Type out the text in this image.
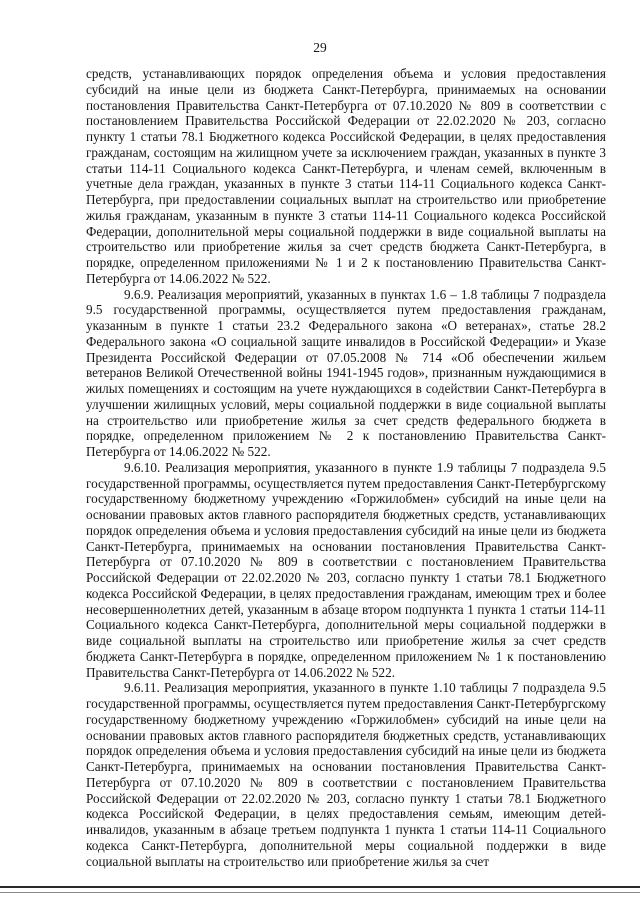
29

средств, устанавливающих порядок определения объема и условия предоставления субсидий на иные цели из бюджета Санкт-Петербурга, принимаемых на основании постановления Правительства Санкт-Петербурга от 07.10.2020 № 809 в соответствии с постановлением Правительства Российской Федерации от 22.02.2020 № 203, согласно пункту 1 статьи 78.1 Бюджетного кодекса Российской Федерации, в целях предоставления гражданам, состоящим на жилищном учете за исключением граждан, указанных в пункте 3 статьи 114-11 Социального кодекса Санкт-Петербурга, и членам семей, включенным в учетные дела граждан, указанных в пункте 3 статьи 114-11 Социального кодекса Санкт-Петербурга, при предоставлении социальных выплат на строительство или приобретение жилья гражданам, указанным в пункте 3 статьи 114-11 Социального кодекса Российской Федерации, дополнительной меры социальной поддержки в виде социальной выплаты на строительство или приобретение жилья за счет средств бюджета Санкт-Петербурга, в порядке, определенном приложениями № 1 и 2 к постановлению Правительства Санкт-Петербурга от 14.06.2022 № 522.

9.6.9. Реализация мероприятий, указанных в пунктах 1.6 – 1.8 таблицы 7 подраздела 9.5 государственной программы, осуществляется путем предоставления гражданам, указанным в пункте 1 статьи 23.2 Федерального закона «О ветеранах», статье 28.2 Федерального закона «О социальной защите инвалидов в Российской Федерации» и Указе Президента Российской Федерации от 07.05.2008 № 714 «Об обеспечении жильем ветеранов Великой Отечественной войны 1941-1945 годов», признанным нуждающимися в жилых помещениях и состоящим на учете нуждающихся в содействии Санкт-Петербурга в улучшении жилищных условий, меры социальной поддержки в виде социальной выплаты на строительство или приобретение жилья за счет средств федерального бюджета в порядке, определенном приложением № 2 к постановлению Правительства Санкт-Петербурга от 14.06.2022 № 522.

9.6.10. Реализация мероприятия, указанного в пункте 1.9 таблицы 7 подраздела 9.5 государственной программы, осуществляется путем предоставления Санкт-Петербургскому государственному бюджетному учреждению «Горжилобмен» субсидий на иные цели на основании правовых актов главного распорядителя бюджетных средств, устанавливающих порядок определения объема и условия предоставления субсидий на иные цели из бюджета Санкт-Петербурга, принимаемых на основании постановления Правительства Санкт-Петербурга от 07.10.2020 № 809 в соответствии с постановлением Правительства Российской Федерации от 22.02.2020 № 203, согласно пункту 1 статьи 78.1 Бюджетного кодекса Российской Федерации, в целях предоставления гражданам, имеющим трех и более несовершеннолетних детей, указанным в абзаце втором подпункта 1 пункта 1 статьи 114-11 Социального кодекса Санкт-Петербурга, дополнительной меры социальной поддержки в виде социальной выплаты на строительство или приобретение жилья за счет средств бюджета Санкт-Петербурга в порядке, определенном приложением № 1 к постановлению Правительства Санкт-Петербурга от 14.06.2022 № 522.

9.6.11. Реализация мероприятия, указанного в пункте 1.10 таблицы 7 подраздела 9.5 государственной программы, осуществляется путем предоставления Санкт-Петербургскому государственному бюджетному учреждению «Горжилобмен» субсидий на иные цели на основании правовых актов главного распорядителя бюджетных средств, устанавливающих порядок определения объема и условия предоставления субсидий на иные цели из бюджета Санкт-Петербурга, принимаемых на основании постановления Правительства Санкт-Петербурга от 07.10.2020 № 809 в соответствии с постановлением Правительства Российской Федерации от 22.02.2020 № 203, согласно пункту 1 статьи 78.1 Бюджетного кодекса Российской Федерации, в целях предоставления семьям, имеющим детей-инвалидов, указанным в абзаце третьем подпункта 1 пункта 1 статьи 114-11 Социального кодекса Санкт-Петербурга, дополнительной меры социальной поддержки в виде социальной выплаты на строительство или приобретение жилья за счет
